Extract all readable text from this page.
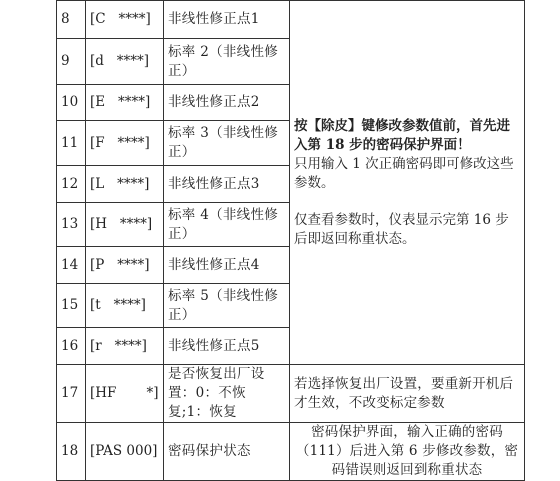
8	[C   ****]	非线性修正点1	按【除皮】键修改参数值前，首先进入第 18 步的密码保护界面！
只用输入 1 次正确密码即可修改这些参数。
仅查看参数时，仪表显示完第 16 步后即返回称重状态。

9	[d   ****]	标率 2（非线性修正）	
10	[E   ****]	非线性修正点2	
11	[F   ****]	标率 3（非线性修正）	
12	[L   ****]	非线性修正点3	
13	[H   ****]	标率 4（非线性修正）	
14	[P   ****]	非线性修正点4	
15	[t   ****]	标率 5（非线性修正）	
16	[r   ****]	非线性修正点5	
17	[HF       *]	是否恢复出厂设置：0：不恢复;1：恢复	若选择恢复出厂设置，要重新开机后才生效，不改变标定参数
18	[PAS 000]	密码保护状态	密码保护界面，输入正确的密码（111）后进入第 6 步修改参数，密码错误则返回到称重状态
